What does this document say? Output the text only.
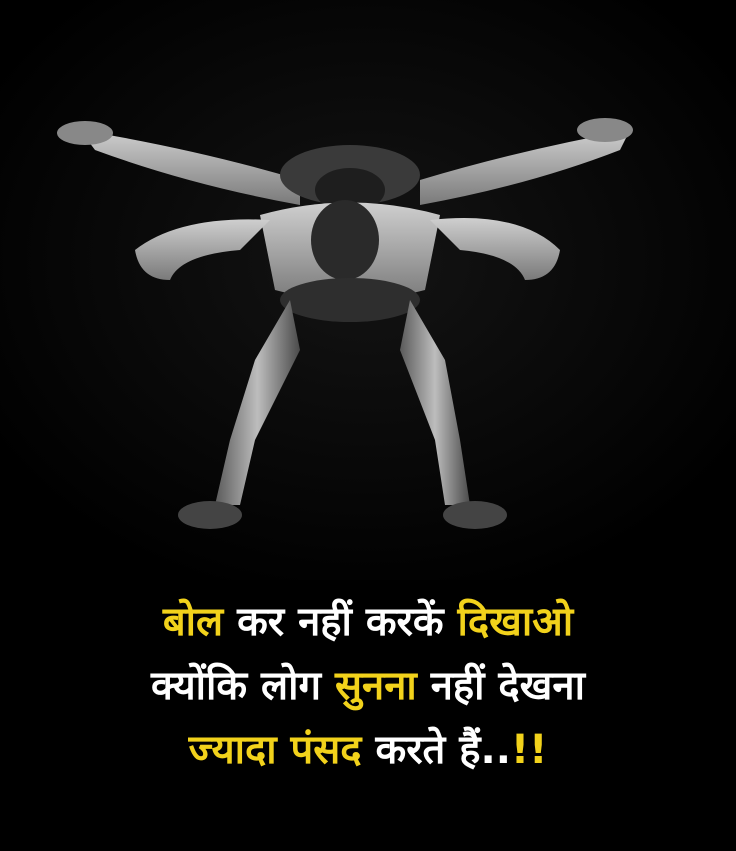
बोल कर नहीं करकें दिखाओ
क्योंकि लोग सुनना नहीं देखना
ज्यादा पंसद करते हैं..!!
